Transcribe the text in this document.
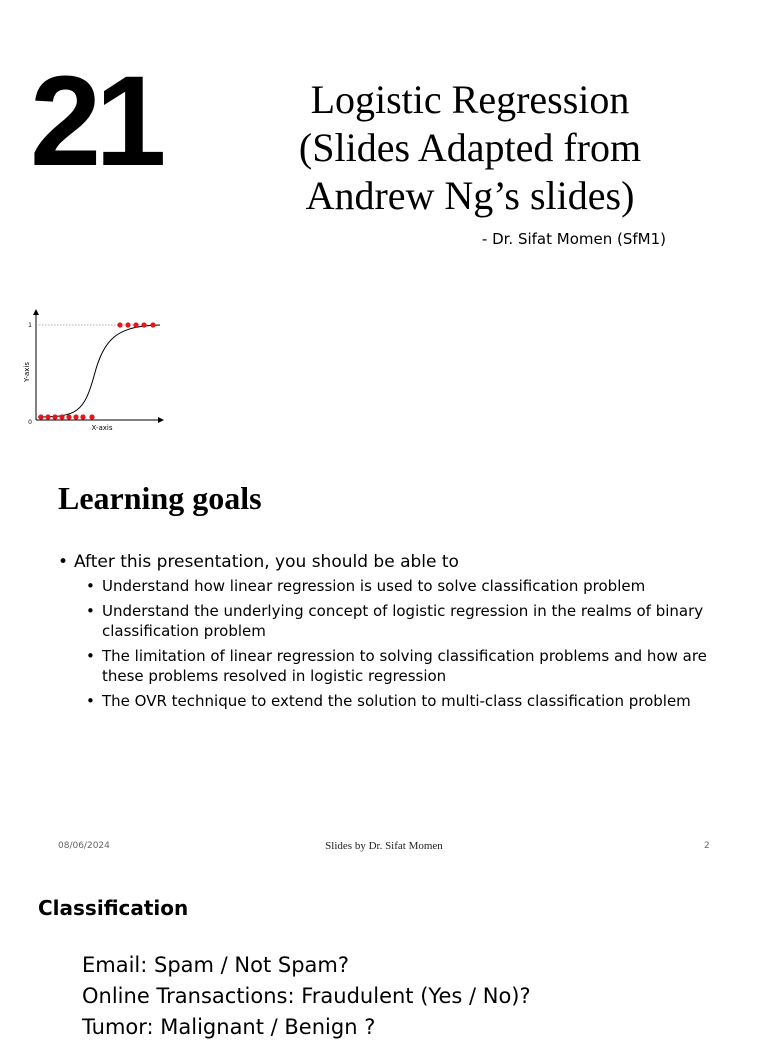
21	Logistic Regression
(Slides Adapted from
Andrew Ng’s slides)
- Dr. Sifat Momen (SfM1)
1
0
X-axis
Y-axis
Learning goals
• After this presentation, you should be able to
• Understand how linear regression is used to solve classification problem
• Understand the underlying concept of logistic regression in the realms of binary classification problem
• The limitation of linear regression to solving classification problems and how are these problems resolved in logistic regression
• The OVR technique to extend the solution to multi-class classification problem
08/06/2024	Slides by Dr. Sifat Momen	2
Classification
Email: Spam / Not Spam?
Online Transactions: Fraudulent (Yes / No)?
Tumor: Malignant / Benign ?
